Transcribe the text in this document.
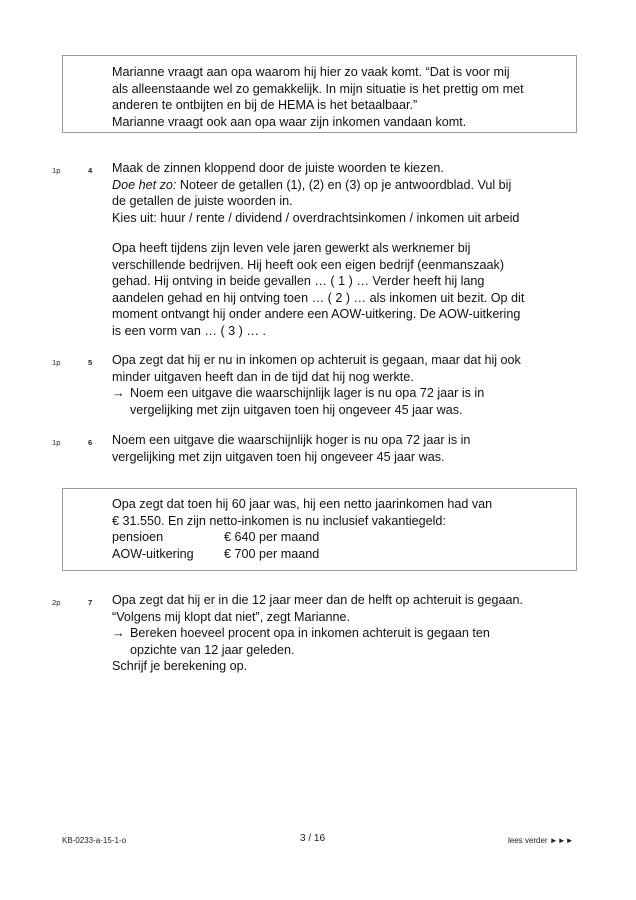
Marianne vraagt aan opa waarom hij hier zo vaak komt. “Dat is voor mij
als alleenstaande wel zo gemakkelijk. In mijn situatie is het prettig om met
anderen te ontbijten en bij de HEMA is het betaalbaar.”
Marianne vraagt ook aan opa waar zijn inkomen vandaan komt.
1p	4 Maak de zinnen kloppend door de juiste woorden te kiezen.
Doe het zo: Noteer de getallen (1), (2) en (3) op je antwoordblad. Vul bij
de getallen de juiste woorden in.
Kies uit: huur / rente / dividend / overdrachtsinkomen / inkomen uit arbeid
Opa heeft tijdens zijn leven vele jaren gewerkt als werknemer bij
verschillende bedrijven. Hij heeft ook een eigen bedrijf (eenmanszaak)
gehad. Hij ontving in beide gevallen … ( 1 ) … Verder heeft hij lang
aandelen gehad en hij ontving toen … ( 2 ) … als inkomen uit bezit. Op dit
moment ontvangt hij onder andere een AOW-uitkering. De AOW-uitkering
is een vorm van … ( 3 ) … .
1p	5 Opa zegt dat hij er nu in inkomen op achteruit is gegaan, maar dat hij ook
minder uitgaven heeft dan in de tijd dat hij nog werkte.
→ Noem een uitgave die waarschijnlijk lager is nu opa 72 jaar is in
vergelijking met zijn uitgaven toen hij ongeveer 45 jaar was.
1p	6 Noem een uitgave die waarschijnlijk hoger is nu opa 72 jaar is in
vergelijking met zijn uitgaven toen hij ongeveer 45 jaar was.
Opa zegt dat toen hij 60 jaar was, hij een netto jaarinkomen had van
€ 31.550. En zijn netto-inkomen is nu inclusief vakantiegeld:
pensioen	€ 640 per maand
AOW-uitkering € 700 per maand
2p	7 Opa zegt dat hij er in die 12 jaar meer dan de helft op achteruit is gegaan.
“Volgens mij klopt dat niet”, zegt Marianne.
→ Bereken hoeveel procent opa in inkomen achteruit is gegaan ten
opzichte van 12 jaar geleden.
Schrijf je berekening op.
KB-0233-a-15-1-o	3 / 16	lees verder ►►►
